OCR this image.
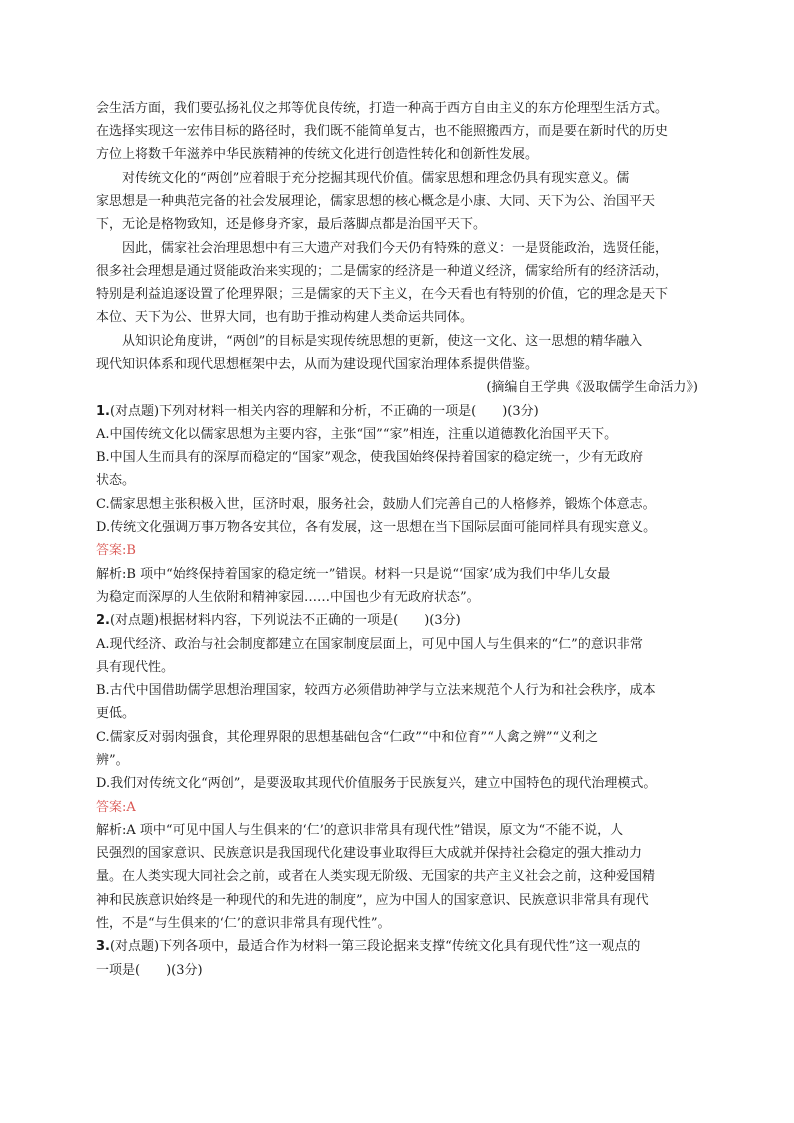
会生活方面，我们要弘扬礼仪之邦等优良传统，打造一种高于西方自由主义的东方伦理型生活方式。
在选择实现这一宏伟目标的路径时，我们既不能简单复古，也不能照搬西方，而是要在新时代的历史
方位上将数千年滋养中华民族精神的传统文化进行创造性转化和创新性发展。
对传统文化的“两创”应着眼于充分挖掘其现代价值。儒家思想和理念仍具有现实意义。儒
家思想是一种典范完备的社会发展理论，儒家思想的核心概念是小康、大同、天下为公、治国平天
下，无论是格物致知，还是修身齐家，最后落脚点都是治国平天下。
因此，儒家社会治理思想中有三大遗产对我们今天仍有特殊的意义：一是贤能政治，选贤任能，
很多社会理想是通过贤能政治来实现的；二是儒家的经济是一种道义经济，儒家给所有的经济活动，
特别是利益追逐设置了伦理界限；三是儒家的天下主义，在今天看也有特别的价值，它的理念是天下
本位、天下为公、世界大同，也有助于推动构建人类命运共同体。
从知识论角度讲，“两创”的目标是实现传统思想的更新，使这一文化、这一思想的精华融入
现代知识体系和现代思想框架中去，从而为建设现代国家治理体系提供借鉴。
(摘编自王学典《汲取儒学生命活力》)
1.(对点题)下列对材料一相关内容的理解和分析，不正确的一项是(　　)(3分)
A.中国传统文化以儒家思想为主要内容，主张“国”“家”相连，注重以道德教化治国平天下。
B.中国人生而具有的深厚而稳定的“国家”观念，使我国始终保持着国家的稳定统一，少有无政府
状态。
C.儒家思想主张积极入世，匡济时艰，服务社会，鼓励人们完善自己的人格修养，锻炼个体意志。
D.传统文化强调万事万物各安其位，各有发展，这一思想在当下国际层面可能同样具有现实意义。
答案:B
解析:B 项中“始终保持着国家的稳定统一”错误。材料一只是说“‘国家’成为我们中华儿女最
为稳定而深厚的人生依附和精神家园……中国也少有无政府状态”。
2.(对点题)根据材料内容，下列说法不正确的一项是(　　)(3分)
A.现代经济、政治与社会制度都建立在国家制度层面上，可见中国人与生俱来的“仁”的意识非常
具有现代性。
B.古代中国借助儒学思想治理国家，较西方必须借助神学与立法来规范个人行为和社会秩序，成本
更低。
C.儒家反对弱肉强食，其伦理界限的思想基础包含“仁政”“中和位育”“人禽之辨”“义利之
辨”。
D.我们对传统文化“两创”，是要汲取其现代价值服务于民族复兴，建立中国特色的现代治理模式。
答案:A
解析:A 项中“可见中国人与生俱来的‘仁’的意识非常具有现代性”错误，原文为“不能不说，人
民强烈的国家意识、民族意识是我国现代化建设事业取得巨大成就并保持社会稳定的强大推动力
量。在人类实现大同社会之前，或者在人类实现无阶级、无国家的共产主义社会之前，这种爱国精
神和民族意识始终是一种现代的和先进的制度”，应为中国人的国家意识、民族意识非常具有现代
性，不是“与生俱来的‘仁’的意识非常具有现代性”。
3.(对点题)下列各项中，最适合作为材料一第三段论据来支撑“传统文化具有现代性”这一观点的
一项是(　　)(3分)
